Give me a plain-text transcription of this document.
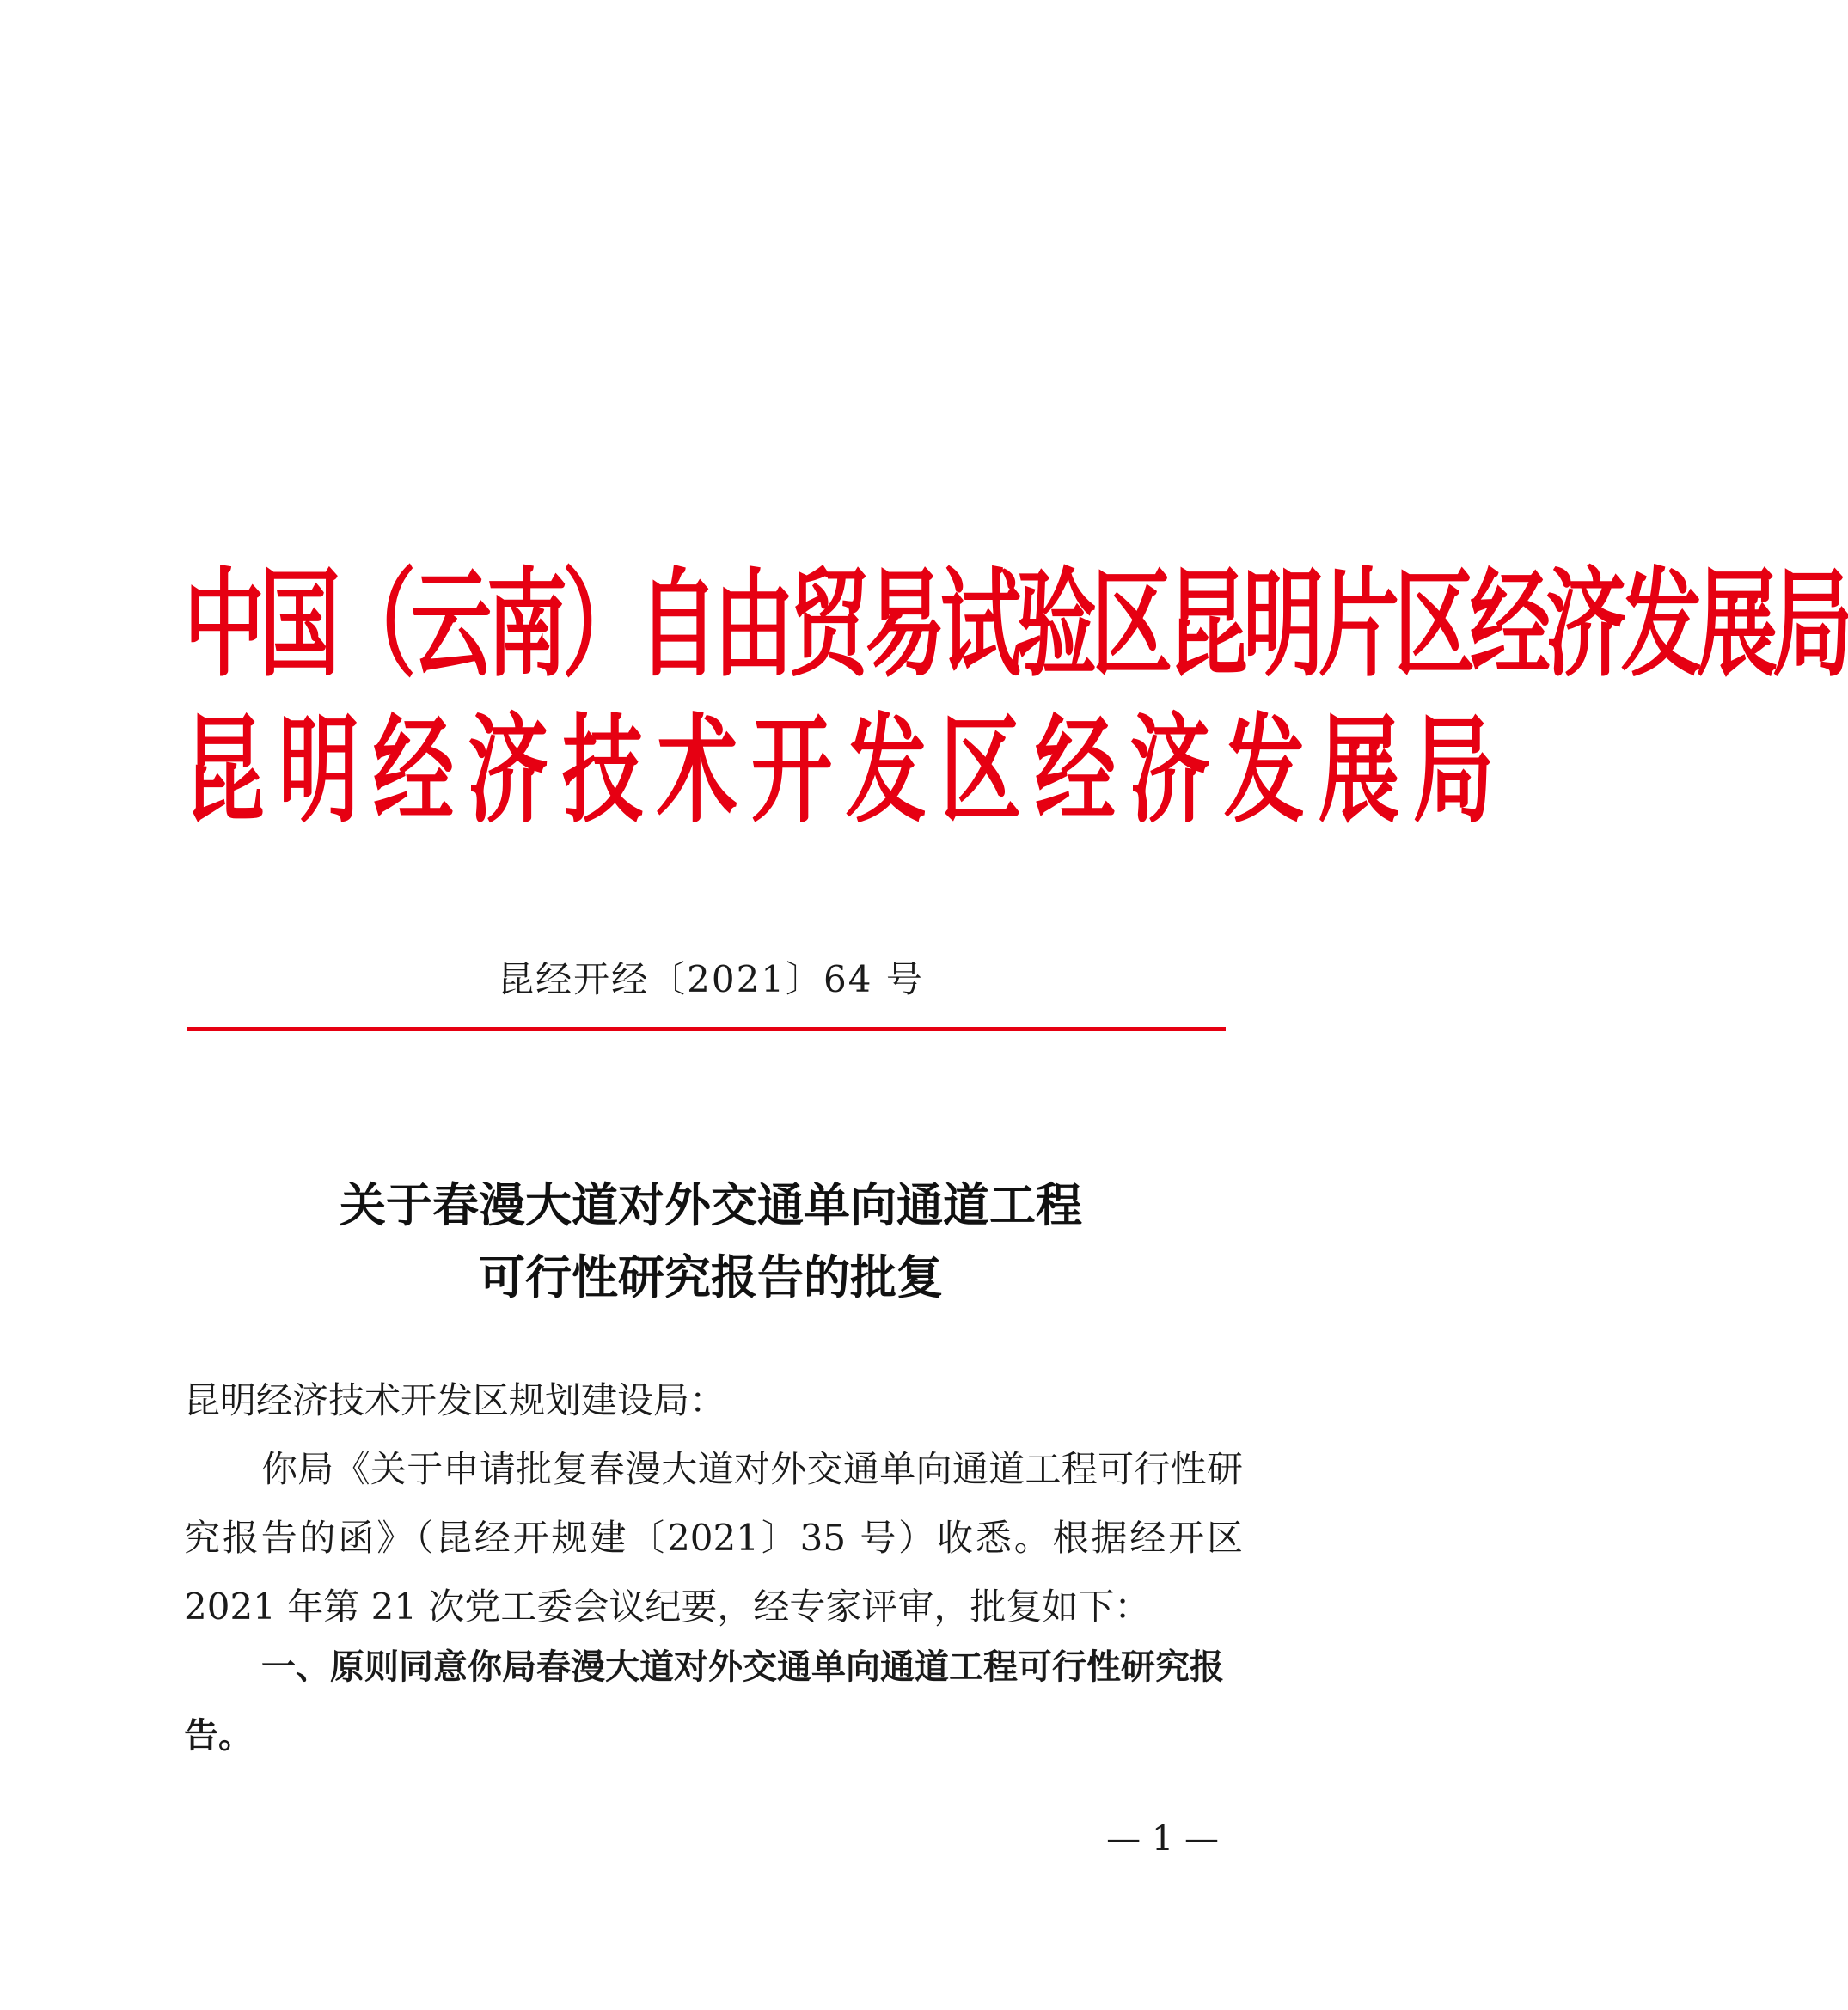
中国（云南）自由贸易试验区昆明片区经济发展局
昆明经济技术开发区经济发展局
昆经开经〔2021〕64 号
关于春漫大道对外交通单向通道工程
可行性研究报告的批复
昆明经济技术开发区规划建设局：
你局《关于申请批复春漫大道对外交通单向通道工程可行性研究报告的函》（昆经开规建〔2021〕35 号）收悉。根据经开区 2021 年第 21 次党工委会议纪要，经专家评审，批复如下：
一、原则同意你局春漫大道对外交通单向通道工程可行性研究报告。
— 1 —
